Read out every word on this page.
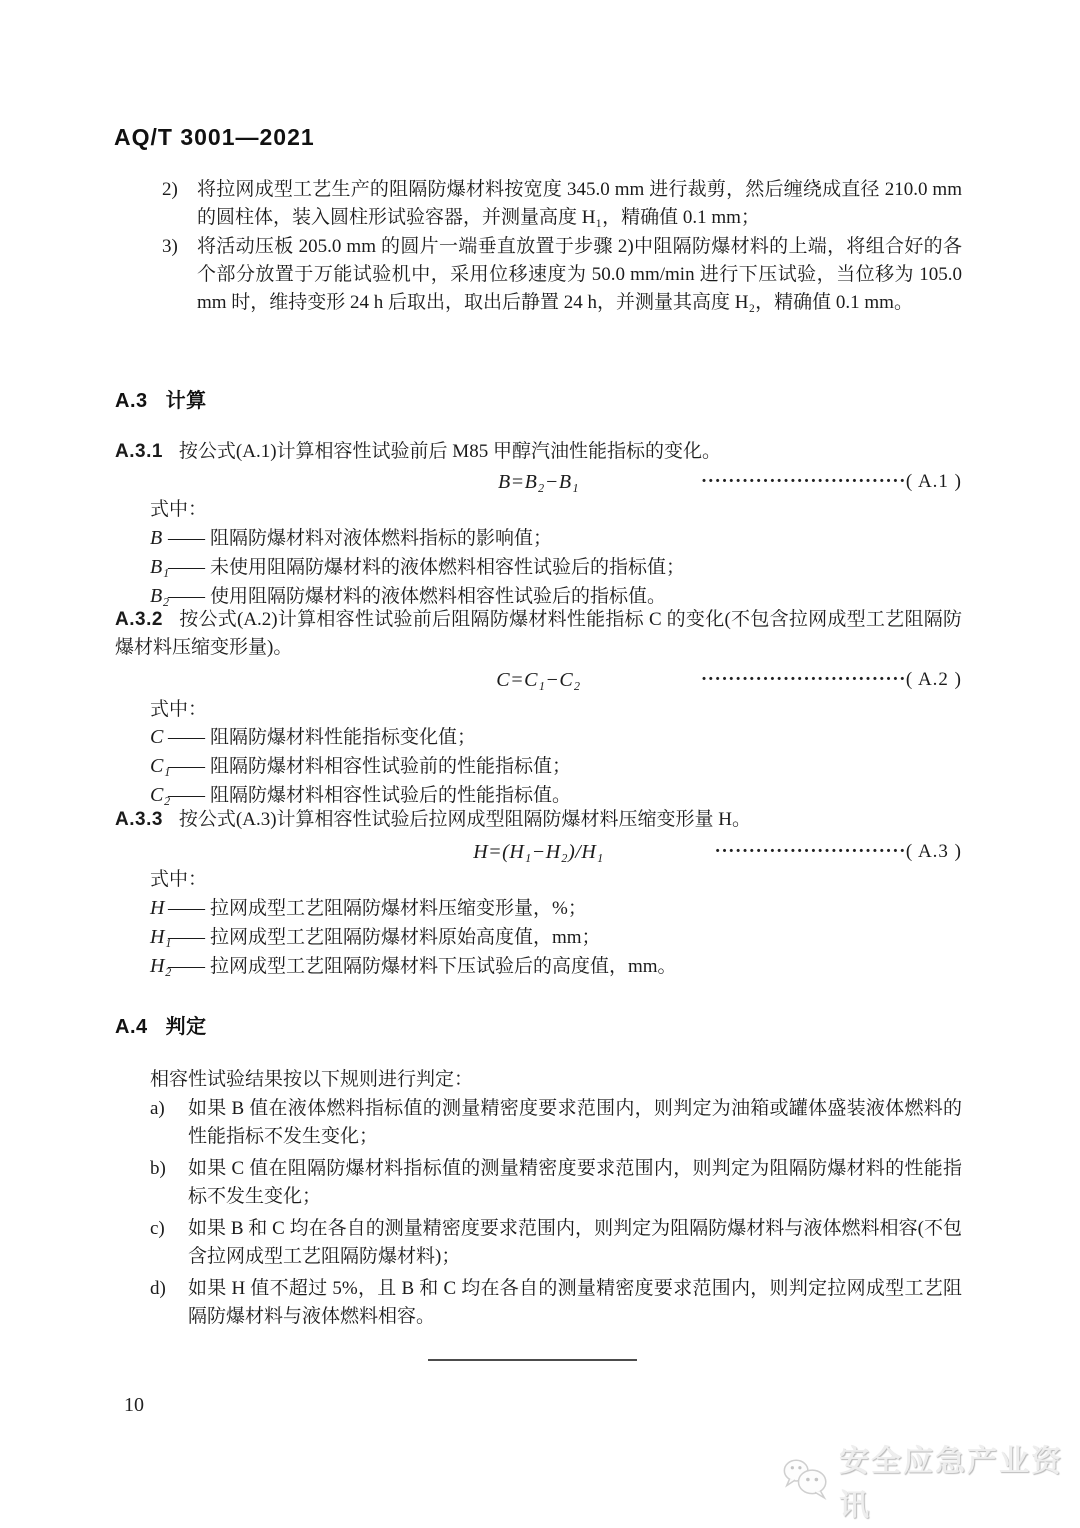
AQ/T 3001—2021
2) 将拉网成型工艺生产的阻隔防爆材料按宽度 345.0 mm 进行裁剪，然后缠绕成直径 210.0 mm 的圆柱体，装入圆柱形试验容器，并测量高度 H₁，精确值 0.1 mm；
3) 将活动压板 205.0 mm 的圆片一端垂直放置于步骤 2)中阻隔防爆材料的上端，将组合好的各个部分放置于万能试验机中，采用位移速度为 50.0 mm/min 进行下压试验，当位移为 105.0 mm 时，维持变形 24 h 后取出，取出后静置 24 h，并测量其高度 H₂，精确值 0.1 mm。
A.3 计算
A.3.1 按公式(A.1)计算相容性试验前后 M85 甲醇汽油性能指标的变化。
B=B₂−B₁	······························( A.1 )
式中：
B —— 阻隔防爆材料对液体燃料指标的影响值；
B₁
—— 未使用阻隔防爆材料的液体燃料相容性试验后的指标值；
B₂
—— 使用阻隔防爆材料的液体燃料相容性试验后的指标值。
A.3.2 按公式(A.2)计算相容性试验前后阻隔防爆材料性能指标 C 的变化(不包含拉网成型工艺阻隔防爆材料压缩变形量)。
C=C₁−C₂	······························( A.2 )
式中：
C —— 阻隔防爆材料性能指标变化值；
C₁
—— 阻隔防爆材料相容性试验前的性能指标值；
C₂
—— 阻隔防爆材料相容性试验后的性能指标值。
A.3.3 按公式(A.3)计算相容性试验后拉网成型阻隔防爆材料压缩变形量 H。
H=(H₁−H₂)/H₁	····························( A.3 )
式中：
H —— 拉网成型工艺阻隔防爆材料压缩变形量，%；
H₁
—— 拉网成型工艺阻隔防爆材料原始高度值，mm；
H₂
—— 拉网成型工艺阻隔防爆材料下压试验后的高度值，mm。
A.4 判定
相容性试验结果按以下规则进行判定：
a) 如果 B 值在液体燃料指标值的测量精密度要求范围内，则判定为油箱或罐体盛装液体燃料的性能指标不发生变化；
b) 如果 C 值在阻隔防爆材料指标值的测量精密度要求范围内，则判定为阻隔防爆材料的性能指标不发生变化；
c) 如果 B 和 C 均在各自的测量精密度要求范围内，则判定为阻隔防爆材料与液体燃料相容(不包含拉网成型工艺阻隔防爆材料)；
d) 如果 H 值不超过 5%，且 B 和 C 均在各自的测量精密度要求范围内，则判定拉网成型工艺阻隔防爆材料与液体燃料相容。
10
安全应急产业资讯
